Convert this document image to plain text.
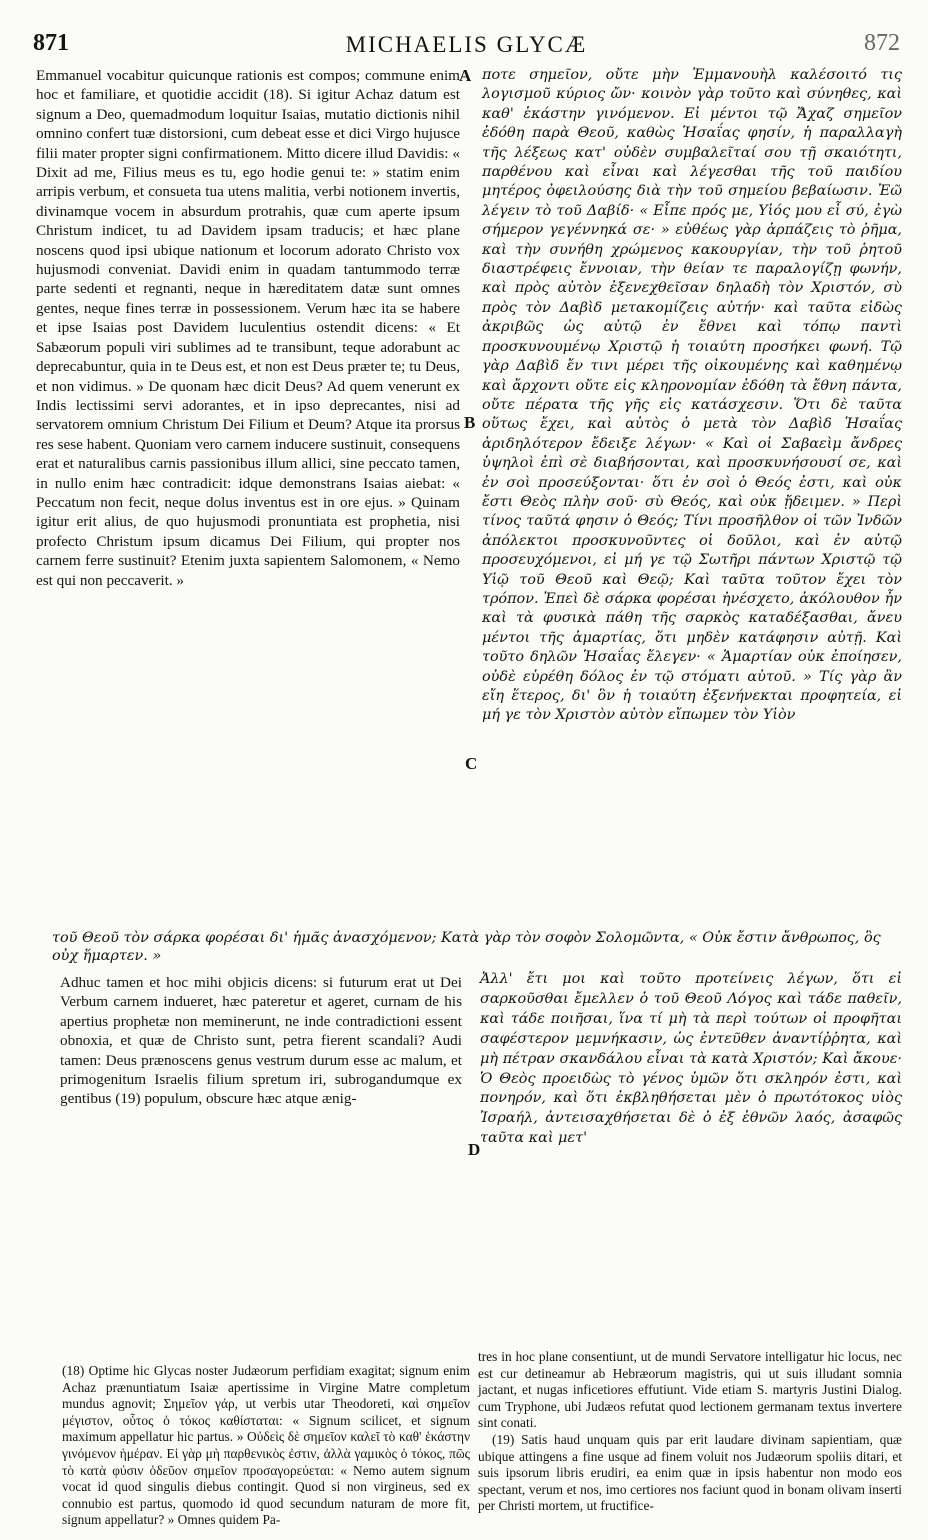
871	MICHAELIS GLYCÆ	872

Emmanuel vocabitur quicunque rationis est compos; commune enim hoc et familiare, et quotidie accidit (18). Si igitur Achaz datum est signum a Deo, quemadmodum loquitur Isaias, mutatio dictionis nihil omnino confert tuæ distorsioni, cum debeat esse et dici Virgo hujusce filii mater propter signi confirmationem. Mitto dicere illud Davidis: « Dixit ad me, Filius meus es tu, ego hodie genui te: » statim enim arripis verbum, et consueta tua utens malitia, verbi notionem invertis, divinamque vocem in absurdum protrahis, quæ cum aperte ipsum Christum indicet, tu ad Davidem ipsam traducis; et hæc plane noscens quod ipsi ubique nationum et locorum adorato Christo vox hujusmodi conveniat. Davidi enim in quadam tantummodo terræ parte sedenti et regnanti, neque in hæreditatem datæ sunt omnes gentes, neque fines terræ in possessionem. Verum hæc ita se habere et ipse Isaias post Davidem luculentius ostendit dicens: « Et Sabæorum populi viri sublimes ad te transibunt, teque adorabunt ac deprecabuntur, quia in te Deus est, et non est Deus præter te; tu Deus, et non vidimus. » De quonam hæc dicit Deus? Ad quem venerunt ex Indis lectissimi servi adorantes, et in ipso deprecantes, nisi ad servatorem omnium Christum Dei Filium et Deum? Atque ita prorsus res sese habent. Quoniam vero carnem inducere sustinuit, consequens erat et naturalibus carnis passionibus illum allici, sine peccato tamen, in nullo enim hæc contradicit: idque demonstrans Isaias aiebat: « Peccatum non fecit, neque dolus inventus est in ore ejus. » Quinam igitur erit alius, de quo hujusmodi pronuntiata est prophetia, nisi profecto Christum ipsum dicamus Dei Filium, qui propter nos carnem ferre sustinuit? Etenim juxta sapientem Salomonem, « Nemo est qui non peccaverit. »

ποτε σημεῖον, οὔτε μὴν Ἐμμανουὴλ καλέσοιτό τις λογισμοῦ κύριος ὤν· κοινὸν γὰρ τοῦτο καὶ σύνηθες, καὶ καθ' ἑκάστην γινόμενον. Εἰ μέντοι τῷ Ἄχαζ σημεῖον ἐδόθη παρὰ Θεοῦ, καθὼς Ἡσαΐας φησίν, ἡ παραλλαγὴ τῆς λέξεως κατ' οὐδὲν συμβαλεῖταί σου τῇ σκαιότητι, παρθένου καὶ εἶναι καὶ λέγεσθαι τῆς τοῦ παιδίου μητέρος ὀφειλούσης διὰ τὴν τοῦ σημείου βεβαίωσιν. Ἐῶ λέγειν τὸ τοῦ Δαβίδ· « Εἶπε πρός με, Υἱός μου εἶ σύ, ἐγὼ σήμερον γεγέννηκά σε· » εὐθέως γὰρ ἁρπάζεις τὸ ῥῆμα, καὶ τὴν συνήθη χρώμενος κακουργίαν, τὴν τοῦ ῥητοῦ διαστρέφεις ἔννοιαν, τὴν θείαν τε παραλογίζῃ φωνήν, καὶ πρὸς αὐτὸν ἐξενεχθεῖσαν δηλαδὴ τὸν Χριστόν, σὺ πρὸς τὸν Δαβὶδ μετακομίζεις αὐτήν· καὶ ταῦτα εἰδὼς ἀκριβῶς ὡς αὐτῷ ἐν ἔθνει καὶ τόπῳ παντὶ προσκυνουμένῳ Χριστῷ ἡ τοιαύτη προσήκει φωνή. Τῷ γὰρ Δαβὶδ ἔν τινι μέρει τῆς οἰκουμένης καὶ καθημένῳ καὶ ἄρχοντι οὔτε εἰς κληρονομίαν ἐδόθη τὰ ἔθνη πάντα, οὔτε πέρατα τῆς γῆς εἰς κατάσχεσιν. Ὅτι δὲ ταῦτα οὕτως ἔχει, καὶ αὐτὸς ὁ μετὰ τὸν Δαβὶδ Ἡσαΐας ἀριδηλότερον ἔδειξε λέγων· « Καὶ οἱ Σαβαεὶμ ἄνδρες ὑψηλοὶ ἐπὶ σὲ διαβήσονται, καὶ προσκυνήσουσί σε, καὶ ἐν σοὶ προσεύξονται· ὅτι ἐν σοὶ ὁ Θεός ἐστι, καὶ οὐκ ἔστι Θεὸς πλὴν σοῦ· σὺ Θεός, καὶ οὐκ ᾔδειμεν. » Περὶ τίνος ταῦτά φησιν ὁ Θεός; Τίνι προσῆλθον οἱ τῶν Ἰνδῶν ἀπόλεκτοι προσκυνοῦντες οἱ δοῦλοι, καὶ ἐν αὐτῷ προσευχόμενοι, εἰ μή γε τῷ Σωτῆρι πάντων Χριστῷ τῷ Υἱῷ τοῦ Θεοῦ καὶ Θεῷ; Καὶ ταῦτα τοῦτον ἔχει τὸν τρόπον. Ἐπεὶ δὲ σάρκα φορέσαι ἠνέσχετο, ἀκόλουθον ἦν καὶ τὰ φυσικὰ πάθη τῆς σαρκὸς καταδέξασθαι, ἄνευ μέντοι τῆς ἁμαρτίας, ὅτι μηδὲν κατάφησιν αὐτῇ. Καὶ τοῦτο δηλῶν Ἡσαΐας ἔλεγεν· « Ἁμαρτίαν οὐκ ἐποίησεν, οὐδὲ εὑρέθη δόλος ἐν τῷ στόματι αὐτοῦ. » Τίς γὰρ ἂν εἴη ἕτερος, δι' ὃν ἡ τοιαύτη ἐξενήνεκται προφητεία, εἰ μή γε τὸν Χριστὸν αὐτὸν εἴπωμεν τὸν Υἱὸν

A
B
C
D
τοῦ Θεοῦ τὸν σάρκα φορέσαι δι' ἡμᾶς ἀνασχόμενον; Κατὰ γὰρ τὸν σοφὸν Σολομῶντα, « Οὐκ ἔστιν ἄνθρωπος, ὃς οὐχ ἥμαρτεν. »

Adhuc tamen et hoc mihi objicis dicens: si futurum erat ut Dei Verbum carnem indueret, hæc pateretur et ageret, curnam de his apertius prophetæ non meminerunt, ne inde contradictioni essent obnoxia, et quæ de Christo sunt, petra fierent scandali? Audi tamen: Deus prænoscens genus vestrum durum esse ac malum, et primogenitum Israelis filium spretum iri, subrogandumque ex gentibus (19) populum, obscure hæc atque ænig-

Ἀλλ' ἔτι μοι καὶ τοῦτο προτείνεις λέγων, ὅτι εἰ σαρκοῦσθαι ἔμελλεν ὁ τοῦ Θεοῦ Λόγος καὶ τάδε παθεῖν, καὶ τάδε ποιῆσαι, ἵνα τί μὴ τὰ περὶ τούτων οἱ προφῆται σαφέστερον μεμνήκασιν, ὡς ἐντεῦθεν ἀναντίῤῥητα, καὶ μὴ πέτραν σκανδάλου εἶναι τὰ κατὰ Χριστόν; Καὶ ἄκουε· Ὁ Θεὸς προειδὼς τὸ γένος ὑμῶν ὅτι σκληρόν ἐστι, καὶ πονηρόν, καὶ ὅτι ἐκβληθήσεται μὲν ὁ πρωτότοκος υἱὸς Ἰσραήλ, ἀντεισαχθήσεται δὲ ὁ ἐξ ἐθνῶν λαός, ἀσαφῶς ταῦτα καὶ μετ'

(18) Optime hic Glycas noster Judæorum perfidiam exagitat; signum enim Achaz prænuntiatum Isaiæ apertissime in Virgine Matre completum mundus agnovit; Σημεῖον γάρ, ut verbis utar Theodoreti, καὶ σημεῖον μέγιστον, οὗτος ὁ τόκος καθίσταται: « Signum scilicet, et signum maximum appellatur hic partus. » Οὐδεὶς δὲ σημεῖον καλεῖ τὸ καθ' ἑκάστην γινόμενον ἡμέραν. Εἰ γὰρ μὴ παρθενικὸς ἐστιν, ἀλλὰ γαμικὸς ὁ τόκος, πῶς τὸ κατὰ φύσιν ὁδεῦον σημεῖον προσαγορεύεται: « Nemo autem signum vocat id quod singulis diebus contingit. Quod si non virgineus, sed ex connubio est partus, quomodo id quod secundum naturam de more fit, signum appellatur? » Omnes quidem Pa-

tres in hoc plane consentiunt, ut de mundi Servatore intelligatur hic locus, nec est cur detineamur ab Hebræorum magistris, qui ut suis illudant somnia jactant, et nugas inficetiores effutiunt. Vide etiam S. martyris Justini Dialog. cum Tryphone, ubi Judæos refutat quod lectionem germanam textus invertere sint conati.

(19) Satis haud unquam quis par erit laudare divinam sapientiam, quæ ubique attingens a fine usque ad finem voluit nos Judæorum spoliis ditari, et suis ipsorum libris erudiri, ea enim quæ in ipsis habentur non modo eos spectant, verum et nos, imo certiores nos faciunt quod in bonam olivam inserti per Christi mortem, ut fructifice-
